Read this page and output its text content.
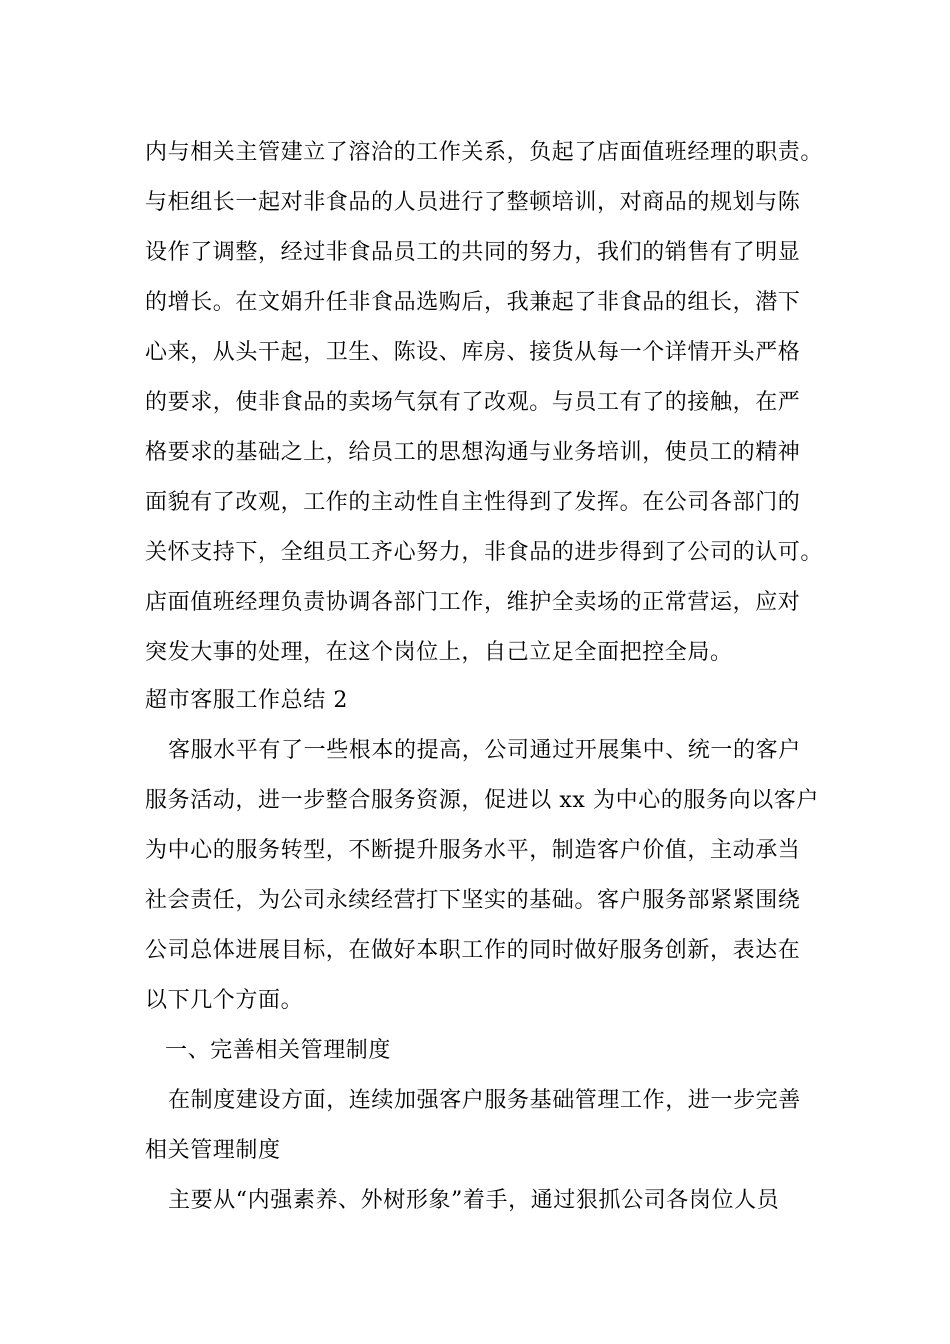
内与相关主管建立了溶洽的工作关系，负起了店面值班经理的职责。
与柜组长一起对非食品的人员进行了整顿培训，对商品的规划与陈
设作了调整，经过非食品员工的共同的努力，我们的销售有了明显
的增长。在文娟升任非食品选购后，我兼起了非食品的组长，潜下
心来，从头干起，卫生、陈设、库房、接货从每一个详情开头严格
的要求，使非食品的卖场气氛有了改观。与员工有了的接触，在严
格要求的基础之上，给员工的思想沟通与业务培训，使员工的精神
面貌有了改观，工作的主动性自主性得到了发挥。在公司各部门的
关怀支持下，全组员工齐心努力，非食品的进步得到了公司的认可。
店面值班经理负责协调各部门工作，维护全卖场的正常营运，应对
突发大事的处理，在这个岗位上，自己立足全面把控全局。
超市客服工作总结 2
客服水平有了一些根本的提高，公司通过开展集中、统一的客户
服务活动，进一步整合服务资源，促进以 xx 为中心的服务向以客户
为中心的服务转型，不断提升服务水平，制造客户价值，主动承当
社会责任，为公司永续经营打下坚实的基础。客户服务部紧紧围绕
公司总体进展目标，在做好本职工作的同时做好服务创新，表达在
以下几个方面。
一、完善相关管理制度
在制度建设方面，连续加强客户服务基础管理工作，进一步完善
相关管理制度
主要从“内强素养、外树形象”着手，通过狠抓公司各岗位人员
